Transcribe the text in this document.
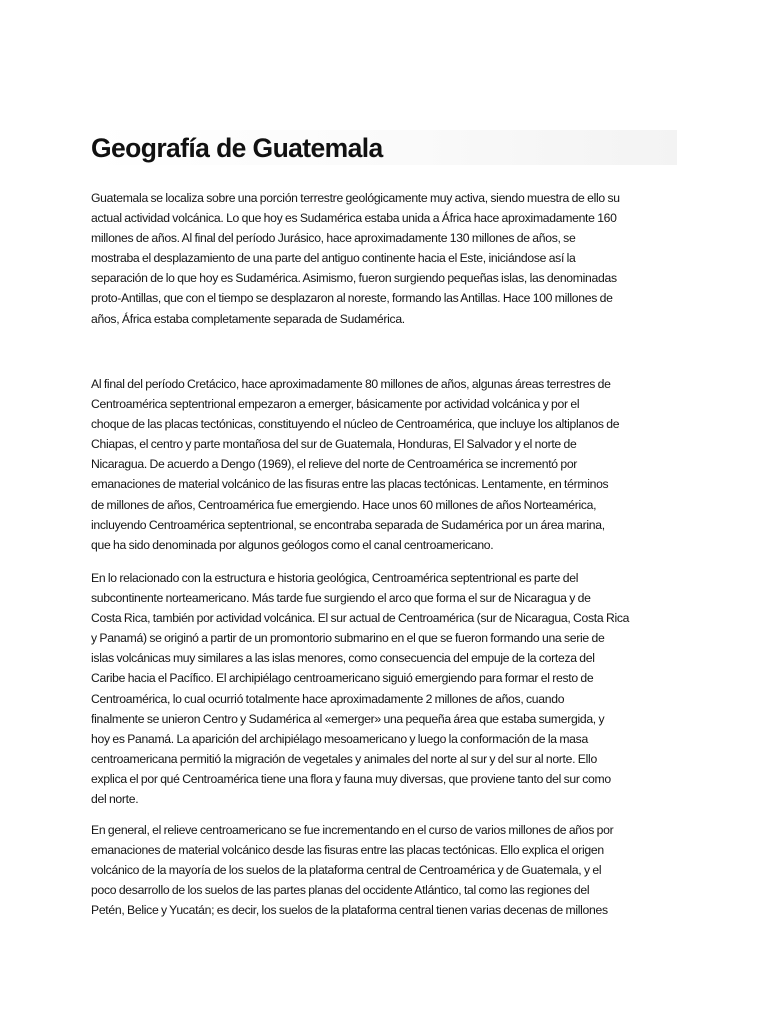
Geografía de Guatemala

Guatemala se localiza sobre una porción terrestre geológicamente muy activa, siendo muestra de ello su
actual actividad volcánica. Lo que hoy es Sudamérica estaba unida a África hace aproximadamente 160
millones de años. Al final del período Jurásico, hace aproximadamente 130 millones de años, se
mostraba el desplazamiento de una parte del antiguo continente hacia el Este, iniciándose así la
separación de lo que hoy es Sudamérica. Asimismo, fueron surgiendo pequeñas islas, las denominadas
proto-Antillas, que con el tiempo se desplazaron al noreste, formando las Antillas. Hace 100 millones de
años, África estaba completamente separada de Sudamérica.

Al final del período Cretácico, hace aproximadamente 80 millones de años, algunas áreas terrestres de
Centroamérica septentrional empezaron a emerger, básicamente por actividad volcánica y por el
choque de las placas tectónicas, constituyendo el núcleo de Centroamérica, que incluye los altiplanos de
Chiapas, el centro y parte montañosa del sur de Guatemala, Honduras, El Salvador y el norte de
Nicaragua. De acuerdo a Dengo (1969), el relieve del norte de Centroamérica se incrementó por
emanaciones de material volcánico de las fisuras entre las placas tectónicas. Lentamente, en términos
de millones de años, Centroamérica fue emergiendo. Hace unos 60 millones de años Norteamérica,
incluyendo Centroamérica septentrional, se encontraba separada de Sudamérica por un área marina,
que ha sido denominada por algunos geólogos como el canal centroamericano.

En lo relacionado con la estructura e historia geológica, Centroamérica septentrional es parte del
subcontinente norteamericano. Más tarde fue surgiendo el arco que forma el sur de Nicaragua y de
Costa Rica, también por actividad volcánica. El sur actual de Centroamérica (sur de Nicaragua, Costa Rica
y Panamá) se originó a partir de un promontorio submarino en el que se fueron formando una serie de
islas volcánicas muy similares a las islas menores, como consecuencia del empuje de la corteza del
Caribe hacia el Pacífico. El archipiélago centroamericano siguió emergiendo para formar el resto de
Centroamérica, lo cual ocurrió totalmente hace aproximadamente 2 millones de años, cuando
finalmente se unieron Centro y Sudamérica al «emerger» una pequeña área que estaba sumergida, y
hoy es Panamá. La aparición del archipiélago mesoamericano y luego la conformación de la masa
centroamericana permitió la migración de vegetales y animales del norte al sur y del sur al norte. Ello
explica el por qué Centroamérica tiene una flora y fauna muy diversas, que proviene tanto del sur como
del norte.

En general, el relieve centroamericano se fue incrementando en el curso de varios millones de años por
emanaciones de material volcánico desde las fisuras entre las placas tectónicas. Ello explica el origen
volcánico de la mayoría de los suelos de la plataforma central de Centroamérica y de Guatemala, y el
poco desarrollo de los suelos de las partes planas del occidente Atlántico, tal como las regiones del
Petén, Belice y Yucatán; es decir, los suelos de la plataforma central tienen varias decenas de millones
